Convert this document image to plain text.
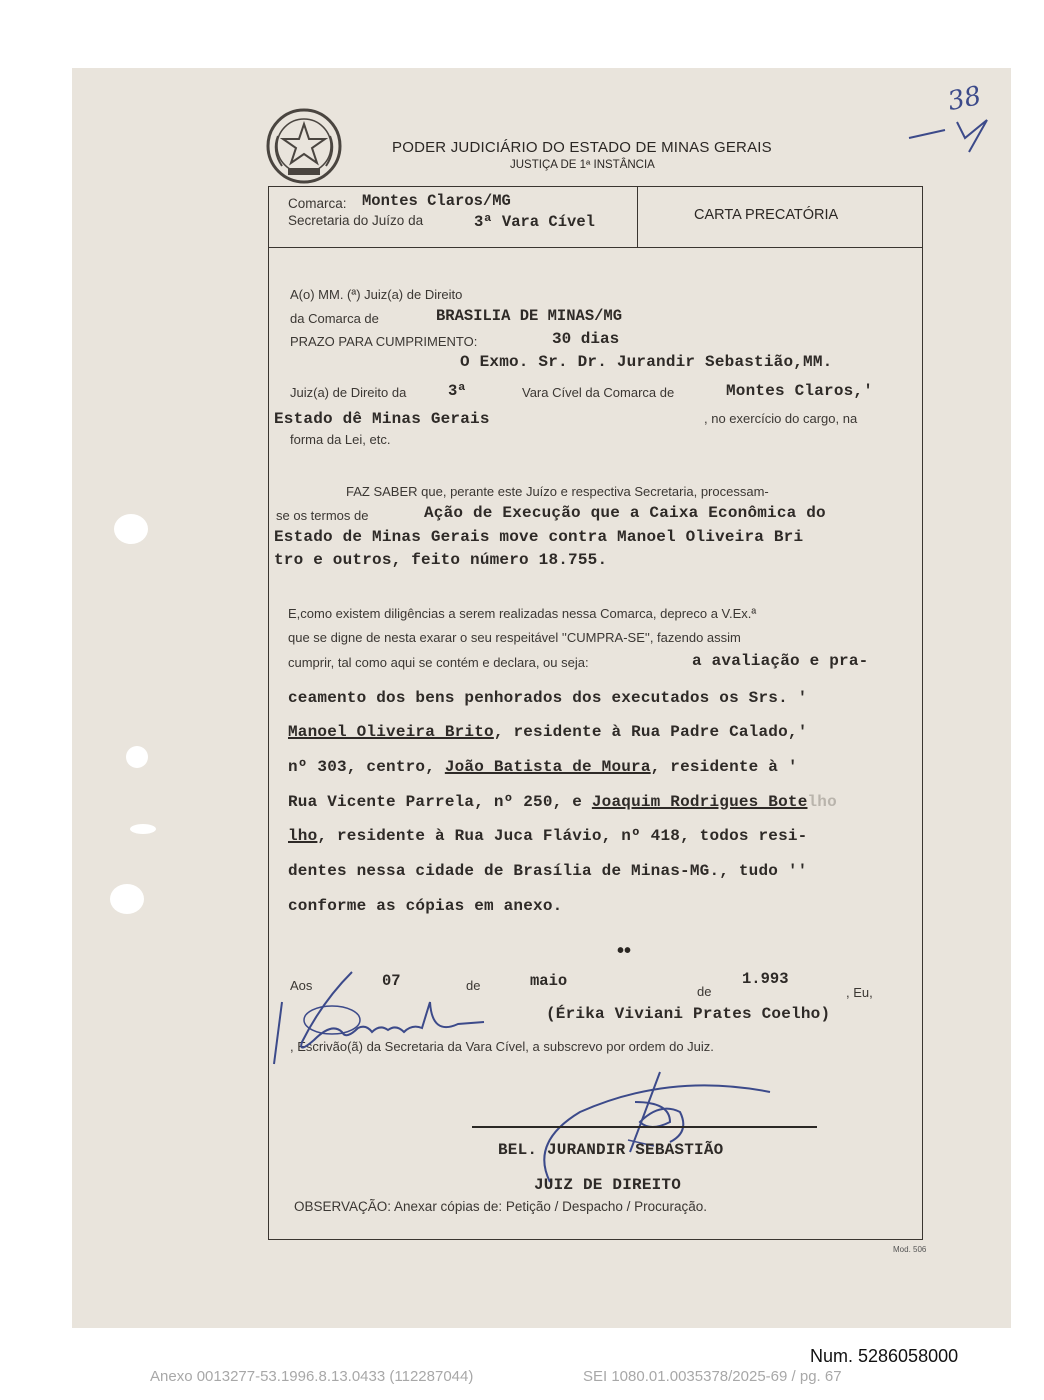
38
PODER JUDICIÁRIO DO ESTADO DE MINAS GERAIS
JUSTIÇA DE 1ª INSTÂNCIA
Comarca: Montes Claros/MG
Secretaria do Juízo da	3ª Vara Cível	CARTA PRECATÓRIA
A(o) MM. (ª) Juiz(a) de Direito
da Comarca de	BRASILIA DE MINAS/MG
PRAZO PARA CUMPRIMENTO:	30 dias
O Exmo. Sr. Dr. Jurandir Sebastião,MM.
Juiz(a) de Direito da	3ª	Vara Cível da Comarca de	Montes Claros,'
Estado dê Minas Gerais	, no exercício do cargo, na
forma da Lei, etc.
FAZ SABER que, perante este Juízo e respectiva Secretaria, processam-
se os termos de	Ação de Execução que a Caixa Econômica do
Estado de Minas Gerais move contra Manoel Oliveira Bri
tro e outros, feito número 18.755.
E,como existem diligências a serem realizadas nessa Comarca, depreco a V.Ex.ª
que se digne de nesta exarar o seu respeitável ''CUMPRA-SE'', fazendo assim
cumprir, tal como aqui se contém e declara, ou seja:	a avaliação e pra-
ceamento dos bens penhorados dos executados os Srs. '
Manoel Oliveira Brito, residente à Rua Padre Calado,'
nº 303, centro, João Batista de Moura, residente à '
Rua Vicente Parrela, nº 250, e Joaquim Rodrigues Botelho
lho, residente à Rua Juca Flávio, nº 418, todos resi-
dentes nessa cidade de Brasília de Minas-MG., tudo ''
conforme as cópias em anexo.
••
Aos	07	de	maio
de
1.993
, Eu,
(Érika Viviani Prates Coelho)
, Escrivão(ã) da Secretaria da Vara Cível, a subscrevo por ordem do Juiz.
BEL. JURANDIR SEBASTIÃO
JUIZ DE DIREITO
OBSERVAÇÃO: Anexar cópias de: Petição / Despacho / Procuração.
Mod. 506
Num. 5286058000
Anexo 0013277-53.1996.8.13.0433 (112287044)	SEI 1080.01.0035378/2025-69 / pg. 67
